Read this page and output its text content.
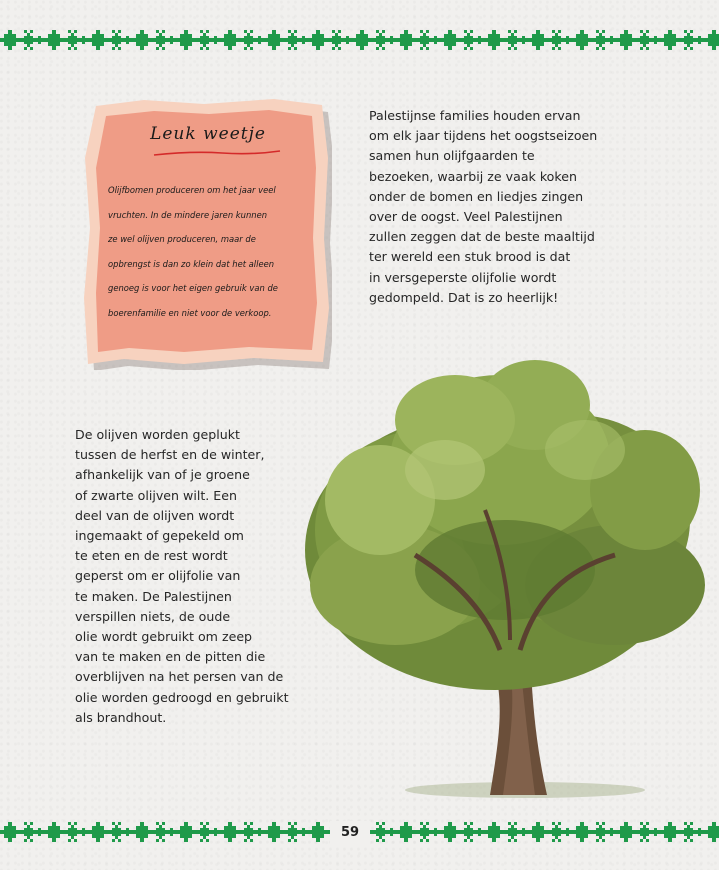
59
Leuk weetje
Olijfbomen produceren om het jaar veel
vruchten. In de mindere jaren kunnen
ze wel olijven produceren, maar de
opbrengst is dan zo klein dat het alleen
genoeg is voor het eigen gebruik van de
boerenfamilie en niet voor de verkoop.
Palestijnse families houden ervan
om elk jaar tijdens het oogstseizoen
samen hun olijfgaarden te
bezoeken, waarbij ze vaak koken
onder de bomen en liedjes zingen
over de oogst. Veel Palestijnen
zullen zeggen dat de beste maaltijd
ter wereld een stuk brood is dat
in versgeperste olijfolie wordt
gedompeld. Dat is zo heerlijk!
De olijven worden geplukt
tussen de herfst en de winter,
afhankelijk van of je groene
of zwarte olijven wilt. Een
deel van de olijven wordt
ingemaakt of gepekeld om
te eten en de rest wordt
geperst om er olijfolie van
te maken. De Palestijnen
verspillen niets, de oude
olie wordt gebruikt om zeep
van te maken en de pitten die
overblijven na het persen van de
olie worden gedroogd en gebruikt
als brandhout.
